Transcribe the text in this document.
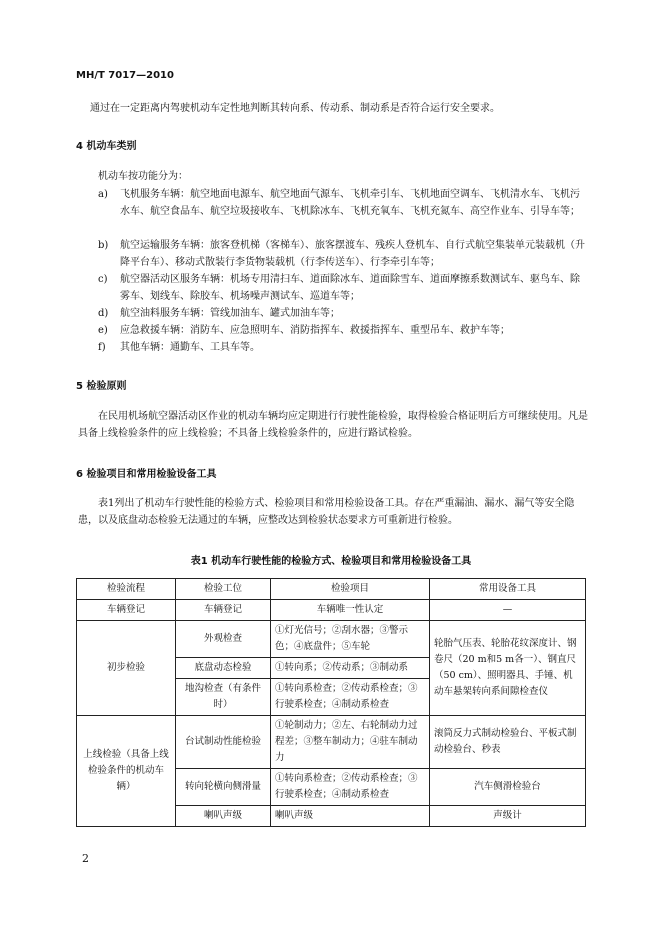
MH/T 7017—2010
通过在一定距离内驾驶机动车定性地判断其转向系、传动系、制动系是否符合运行安全要求。
4 机动车类别
机动车按功能分为：
a)	飞机服务车辆：航空地面电源车、航空地面气源车、飞机牵引车、飞机地面空调车、飞机清水车、飞机污水车、航空食品车、航空垃圾接收车、飞机除冰车、飞机充氧车、飞机充氮车、高空作业车、引导车等；
b)	航空运输服务车辆：旅客登机梯（客梯车）、旅客摆渡车、残疾人登机车、自行式航空集装单元装载机（升降平台车）、移动式散装行李货物装载机（行李传送车）、行李牵引车等；
c)	航空器活动区服务车辆：机场专用清扫车、道面除冰车、道面除雪车、道面摩擦系数测试车、驱鸟车、除雾车、划线车、除胶车、机场噪声测试车、巡道车等；
d)	航空油料服务车辆：管线加油车、罐式加油车等；
e)	应急救援车辆：消防车、应急照明车、消防指挥车、救援指挥车、重型吊车、救护车等；
f)	其他车辆：通勤车、工具车等。
5 检验原则
在民用机场航空器活动区作业的机动车辆均应定期进行行驶性能检验，取得检验合格证明后方可继续使用。凡是具备上线检验条件的应上线检验；不具备上线检验条件的，应进行路试检验。
6 检验项目和常用检验设备工具
表1列出了机动车行驶性能的检验方式、检验项目和常用检验设备工具。存在严重漏油、漏水、漏气等安全隐患，以及底盘动态检验无法通过的车辆，应整改达到检验状态要求方可重新进行检验。
表1 机动车行驶性能的检验方式、检验项目和常用检验设备工具
检验流程	检验工位	检验项目	常用设备工具
车辆登记	车辆登记	车辆唯一性认定	—
初步检验	外观检查	①灯光信号；②刮水器；③警示色；④底盘件；⑤车轮	轮胎气压表、轮胎花纹深度计、钢卷尺（20 m和5 m各一）、钢直尺（50 cm）、照明器具、手锤、机动车悬架转向系间隙检查仪
	底盘动态检验	①转向系；②传动系；③制动系	
	地沟检查（有条件时）	①转向系检查；②传动系检查；③行驶系检查；④制动系检查	
上线检验（具备上线检验条件的机动车辆）	台试制动性能检验	①轮制动力；②左、右轮制动力过程差；③整车制动力；④驻车制动力	滚筒反力式制动检验台、平板式制动检验台、秒表
	转向轮横向侧滑量	①转向系检查；②传动系检查；③行驶系检查；④制动系检查	汽车侧滑检验台
	喇叭声级	喇叭声级	声级计
2
